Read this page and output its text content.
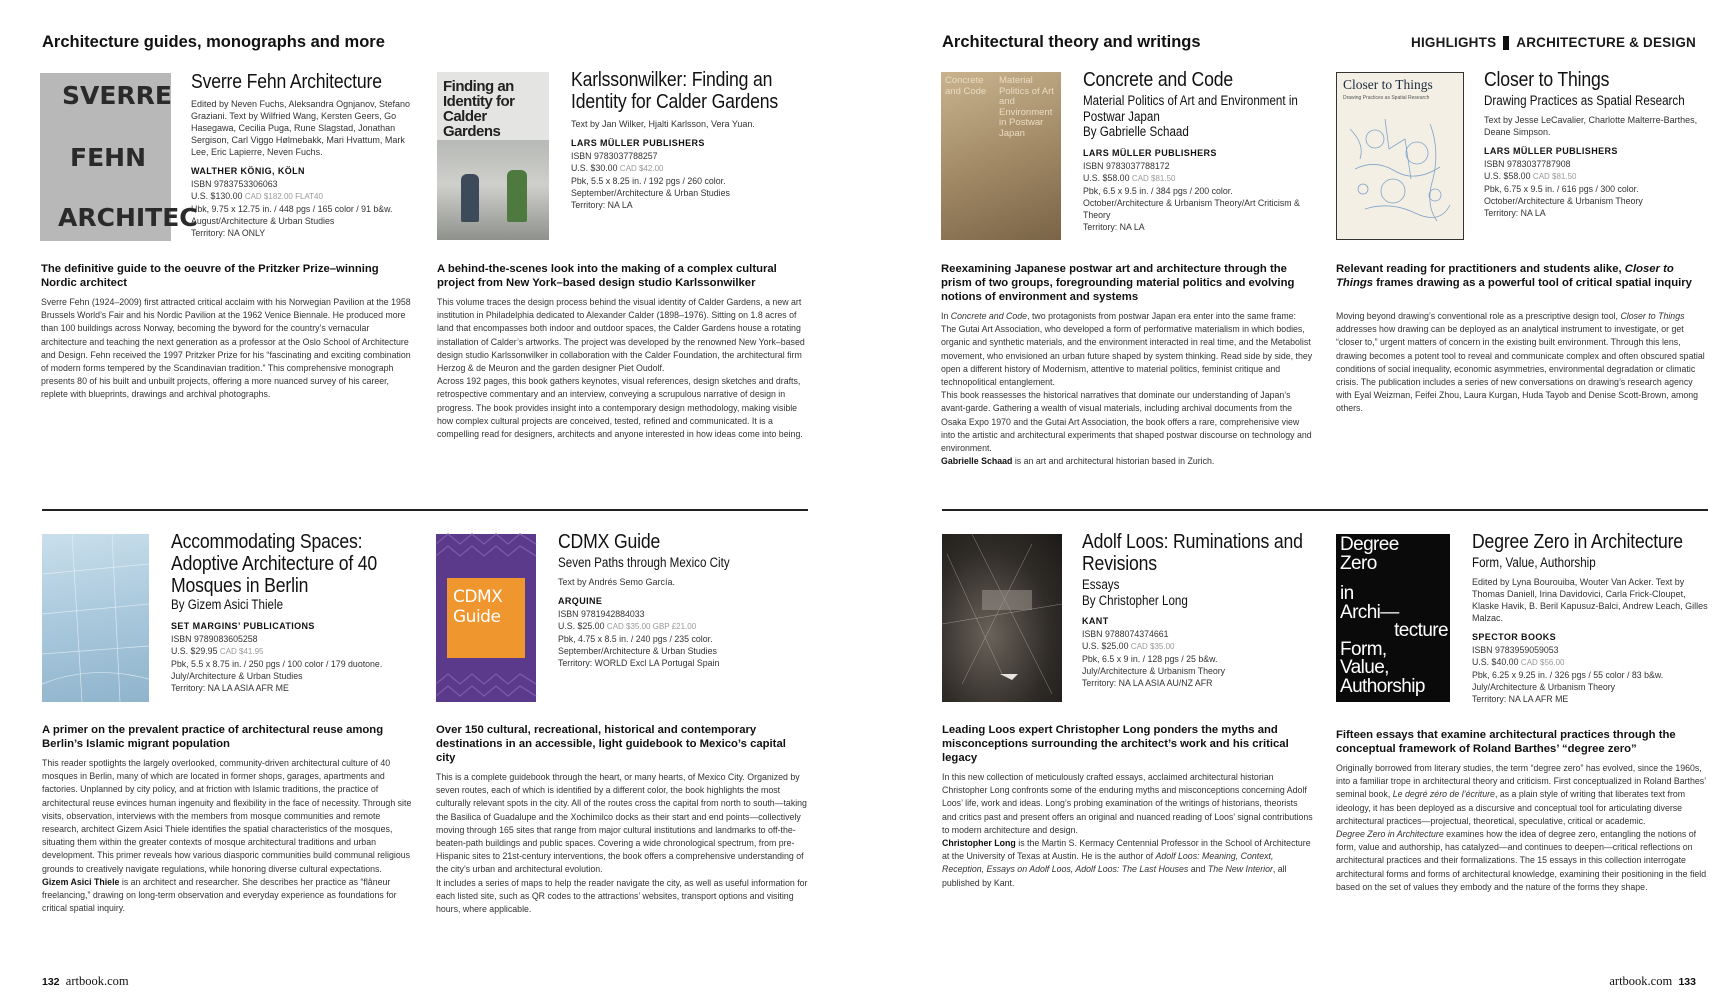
Architecture guides, monographs and more	Architectural theory and writings	HIGHLIGHTS ARCHITECTURE & DESIGN
SVERRE
FEHN
ARCHITEC
Sverre Fehn Architecture
Edited by Neven Fuchs, Aleksandra Ognjanov, Stefano Graziani. Text by Wilfried Wang, Kersten Geers, Go Hasegawa, Cecilia Puga, Rune Slagstad, Jonathan Sergison, Carl Viggo Hølmebakk, Mari Hvattum, Mark Lee, Eric Lapierre, Neven Fuchs.
WALTHER KÖNIG, KÖLN
ISBN 9783753306063
U.S. $130.00 CAD $182.00 FLAT40
Hbk, 9.75 x 12.75 in. / 448 pgs / 165 color / 91 b&w.
August/Architecture & Urban Studies
Territory: NA ONLY
The definitive guide to the oeuvre of the Pritzker Prize–winning Nordic architect

Sverre Fehn (1924–2009) first attracted critical acclaim with his Norwegian Pavilion at the 1958 Brussels World’s Fair and his Nordic Pavilion at the 1962 Venice Biennale. He produced more than 100 buildings across Norway, becoming the byword for the country’s vernacular architecture and teaching the next generation as a professor at the Oslo School of Architecture and Design. Fehn received the 1997 Pritzker Prize for his “fascinating and exciting combination of modern forms tempered by the Scandinavian tradition.” This comprehensive monograph presents 80 of his built and unbuilt projects, offering a more nuanced survey of his career, replete with blueprints, drawings and archival photographs.

Finding an Identity for Calder Gardens
Karlssonwilker: Finding an Identity for Calder Gardens
Text by Jan Wilker, Hjalti Karlsson, Vera Yuan.
LARS MÜLLER PUBLISHERS
ISBN 9783037788257
U.S. $30.00 CAD $42.00
Pbk, 5.5 x 8.25 in. / 192 pgs / 260 color.
September/Architecture & Urban Studies
Territory: NA LA
A behind-the-scenes look into the making of a complex cultural project from New York–based design studio Karlssonwilker

This volume traces the design process behind the visual identity of Calder Gardens, a new art institution in Philadelphia dedicated to Alexander Calder (1898–1976). Sitting on 1.8 acres of land that encompasses both indoor and outdoor spaces, the Calder Gardens house a rotating installation of Calder’s artworks. The project was developed by the renowned New York–based design studio Karlssonwilker in collaboration with the Calder Foundation, the architectural firm Herzog & de Meuron and the garden designer Piet Oudolf.

Across 192 pages, this book gathers keynotes, visual references, design sketches and drafts, retrospective commentary and an interview, conveying a scrupulous narrative of design in progress. The book provides insight into a contemporary design methodology, making visible how complex cultural projects are conceived, tested, refined and communicated. It is a compelling read for designers, architects and anyone interested in how ideas come into being.

Concrete and Code
Material Politics of Art and Environment in Postwar Japan
Concrete and Code
Material Politics of Art and Environment in Postwar Japan
By Gabrielle Schaad
LARS MÜLLER PUBLISHERS
ISBN 9783037788172
U.S. $58.00 CAD $81.50
Pbk, 6.5 x 9.5 in. / 384 pgs / 200 color.
October/Architecture & Urbanism Theory/Art Criticism & Theory
Territory: NA LA
Reexamining Japanese postwar art and architecture through the prism of two groups, foregrounding material politics and evolving notions of environment and systems

In Concrete and Code, two protagonists from postwar Japan era enter into the same frame: The Gutai Art Association, who developed a form of performative materialism in which bodies, organic and synthetic materials, and the environment interacted in real time, and the Metabolist movement, who envisioned an urban future shaped by system thinking. Read side by side, they open a different history of Modernism, attentive to material politics, feminist critique and technopolitical entanglement.

This book reassesses the historical narratives that dominate our understanding of Japan’s avant-garde. Gathering a wealth of visual materials, including archival documents from the Osaka Expo 1970 and the Gutai Art Association, the book offers a rare, comprehensive view into the artistic and architectural experiments that shaped postwar discourse on technology and environment.

Gabrielle Schaad is an art and architectural historian based in Zurich.

Closer to Things
Drawing Practices as Spatial Research
Closer to Things
Drawing Practices as Spatial Research
Text by Jesse LeCavalier, Charlotte Malterre-Barthes, Deane Simpson.
LARS MÜLLER PUBLISHERS
ISBN 9783037787908
U.S. $58.00 CAD $81.50
Pbk, 6.75 x 9.5 in. / 616 pgs / 300 color.
October/Architecture & Urbanism Theory
Territory: NA LA
Relevant reading for practitioners and students alike, Closer to Things frames drawing as a powerful tool of critical spatial inquiry

Moving beyond drawing’s conventional role as a prescriptive design tool, Closer to Things addresses how drawing can be deployed as an analytical instrument to investigate, or get “closer to,” urgent matters of concern in the existing built environment. Through this lens, drawing becomes a potent tool to reveal and communicate complex and often obscured spatial conditions of social inequality, economic asymmetries, environmental degradation or climatic crisis. The publication includes a series of new conversations on drawing’s research agency with Eyal Weizman, Feifei Zhou, Laura Kurgan, Huda Tayob and Denise Scott-Brown, among others.

Accommodating Spaces: Adoptive Architecture of 40 Mosques in Berlin
By Gizem Asici Thiele
SET MARGINS’ PUBLICATIONS
ISBN 9789083605258
U.S. $29.95 CAD $41.95
Pbk, 5.5 x 8.75 in. / 250 pgs / 100 color / 179 duotone.
July/Architecture & Urban Studies
Territory: NA LA ASIA AFR ME
A primer on the prevalent practice of architectural reuse among Berlin’s Islamic migrant population

This reader spotlights the largely overlooked, community-driven architectural culture of 40 mosques in Berlin, many of which are located in former shops, garages, apartments and factories. Unplanned by city policy, and at friction with Islamic traditions, the practice of architectural reuse evinces human ingenuity and flexibility in the face of necessity. Through site visits, observation, interviews with the members from mosque communities and remote research, architect Gizem Asici Thiele identifies the spatial characteristics of the mosques, situating them within the greater contexts of mosque architectural traditions and urban development. This primer reveals how various diasporic communities build communal religious grounds to creatively navigate regulations, while honoring diverse cultural expectations.

Gizem Asici Thiele is an architect and researcher. She describes her practice as “flâneur freelancing,” drawing on long-term observation and everyday experience as foundations for critical spatial inquiry.

CDMX
Guide
CDMX Guide
Seven Paths through Mexico City
Text by Andrés Semo García.
ARQUINE
ISBN 9781942884033
U.S. $25.00 CAD $35.00 GBP £21.00
Pbk, 4.75 x 8.5 in. / 240 pgs / 235 color.
September/Architecture & Urban Studies
Territory: WORLD Excl LA Portugal Spain
Over 150 cultural, recreational, historical and contemporary destinations in an accessible, light guidebook to Mexico’s capital city

This is a complete guidebook through the heart, or many hearts, of Mexico City. Organized by seven routes, each of which is identified by a different color, the book highlights the most culturally relevant spots in the city. All of the routes cross the capital from north to south—taking the Basilica of Guadalupe and the Xochimilco docks as their start and end points—collectively moving through 165 sites that range from major cultural institutions and landmarks to off-the-beaten-path buildings and public spaces. Covering a wide chronological spectrum, from pre-Hispanic sites to 21st-century interventions, the book offers a comprehensive understanding of the city’s urban and architectural evolution.

It includes a series of maps to help the reader navigate the city, as well as useful information for each listed site, such as QR codes to the attractions’ websites, transport options and visiting hours, where applicable.

Adolf Loos: Ruminations and Revisions
Essays
By Christopher Long
KANT
ISBN 9788074374661
U.S. $25.00 CAD $35.00
Pbk, 6.5 x 9 in. / 128 pgs / 25 b&w.
July/Architecture & Urbanism Theory
Territory: NA LA ASIA AU/NZ AFR
Leading Loos expert Christopher Long ponders the myths and misconceptions surrounding the architect’s work and his critical legacy

In this new collection of meticulously crafted essays, acclaimed architectural historian Christopher Long confronts some of the enduring myths and misconceptions concerning Adolf Loos’ life, work and ideas. Long’s probing examination of the writings of historians, theorists and critics past and present offers an original and nuanced reading of Loos’ signal contributions to modern architecture and design.

Christopher Long is the Martin S. Kermacy Centennial Professor in the School of Architecture at the University of Texas at Austin. He is the author of Adolf Loos: Meaning, Context, Reception, Essays on Adolf Loos, Adolf Loos: The Last Houses and The New Interior, all published by Kant.

Degree
Zero
in
Archi—
tecture
Form,
Value,
Authorship
Degree Zero in Architecture
Form, Value, Authorship
Edited by Lyna Bourouiba, Wouter Van Acker. Text by Thomas Daniell, Irina Davidovici, Carla Frick-Cloupet, Klaske Havik, B. Beril Kapusuz-Balci, Andrew Leach, Gilles Malzac.
SPECTOR BOOKS
ISBN 9783959059053
U.S. $40.00 CAD $56.00
Pbk, 6.25 x 9.25 in. / 326 pgs / 55 color / 83 b&w.
July/Architecture & Urbanism Theory
Territory: NA LA AFR ME
Fifteen essays that examine architectural practices through the conceptual framework of Roland Barthes’ “degree zero”

Originally borrowed from literary studies, the term “degree zero” has evolved, since the 1960s, into a familiar trope in architectural theory and criticism. First conceptualized in Roland Barthes’ seminal book, Le degré zéro de l’écriture, as a plain style of writing that liberates text from ideology, it has been deployed as a discursive and conceptual tool for articulating diverse architectural practices—projectual, theoretical, speculative, critical or academic.

Degree Zero in Architecture examines how the idea of degree zero, entangling the notions of form, value and authorship, has catalyzed—and continues to deepen—critical reflections on architectural practices and their formalizations. The 15 essays in this collection interrogate architectural forms and forms of architectural knowledge, examining their positioning in the field based on the set of values they embody and the nature of the forms they shape.

132 artbook.com	artbook.com 133
